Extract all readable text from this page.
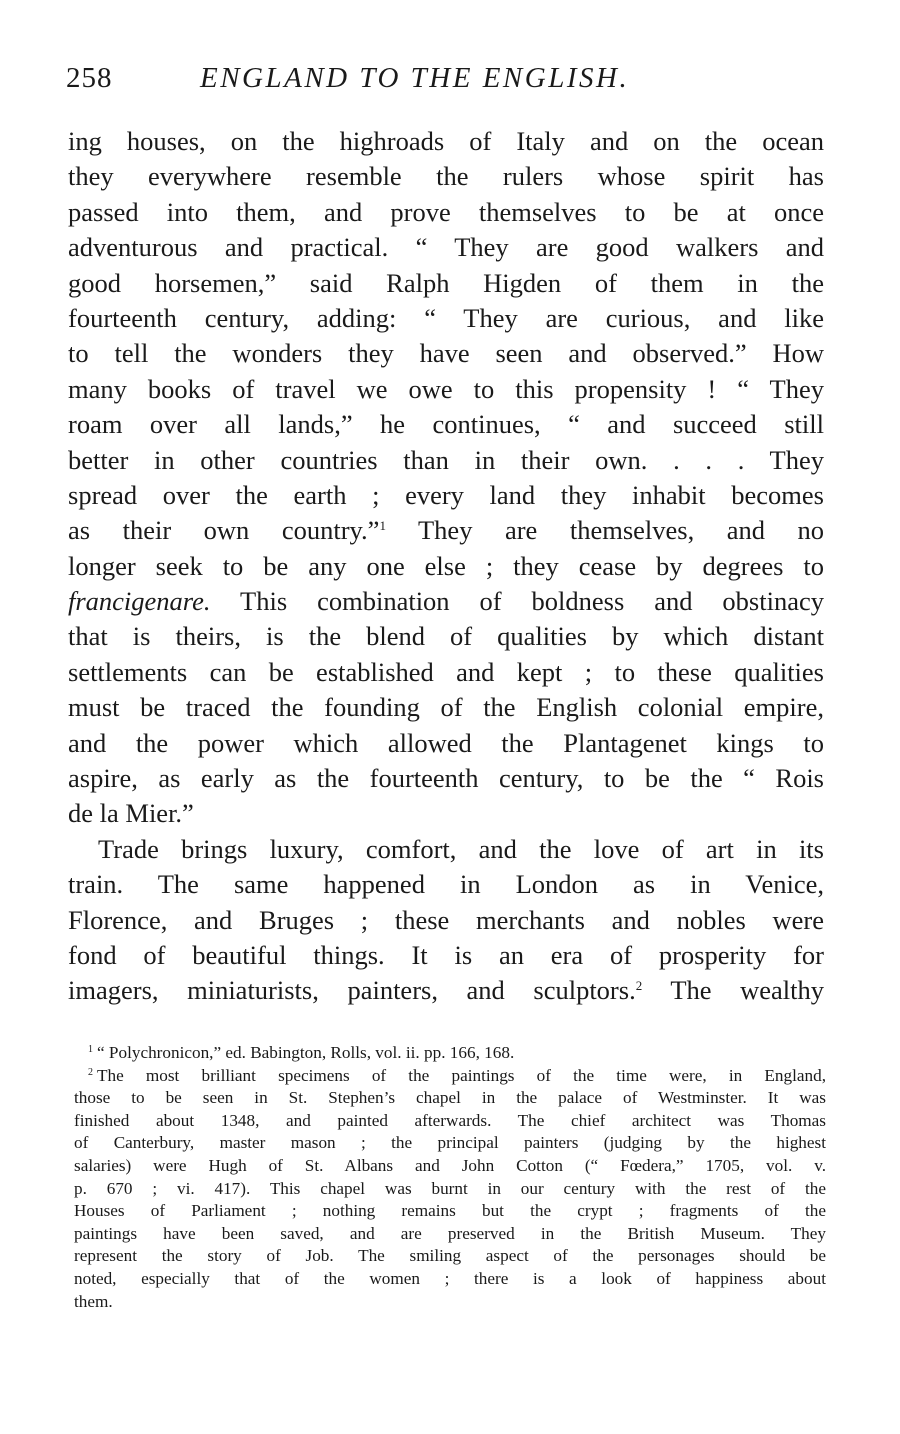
258	ENGLAND TO THE ENGLISH.
ing houses, on the highroads of Italy and on the ocean
they everywhere resemble the rulers whose spirit has
passed into them, and prove themselves to be at once
adventurous and practical. “ They are good walkers and
good horsemen,” said Ralph Higden of them in the
fourteenth century, adding: “ They are curious, and like
to tell the wonders they have seen and observed.” How
many books of travel we owe to this propensity ! “ They
roam over all lands,” he continues, “ and succeed still
better in other countries than in their own. . . . They
spread over the earth ; every land they inhabit becomes
as their own country.”$^1$ They are themselves, and no
longer seek to be any one else ; they cease by degrees to
francigenare. This combination of boldness and obstinacy
that is theirs, is the blend of qualities by which distant
settlements can be established and kept ; to these qualities
must be traced the founding of the English colonial empire,
and the power which allowed the Plantagenet kings to
aspire, as early as the fourteenth century, to be the “ Rois
de la Mier.”
Trade brings luxury, comfort, and the love of art in its
train. The same happened in London as in Venice,
Florence, and Bruges ; these merchants and nobles were
fond of beautiful things. It is an era of prosperity for
imagers, miniaturists, painters, and sculptors.$^2$ The wealthy
$^1$ “ Polychronicon,” ed. Babington, Rolls, vol. ii. pp. 166, 168.
$^2$ The most brilliant specimens of the paintings of the time were, in England,
those to be seen in St. Stephen’s chapel in the palace of Westminster. It was
finished about 1348, and painted afterwards. The chief architect was Thomas
of Canterbury, master mason ; the principal painters (judging by the highest
salaries) were Hugh of St. Albans and John Cotton (“ Fœdera,” 1705, vol. v.
p. 670 ; vi. 417). This chapel was burnt in our century with the rest of the
Houses of Parliament ; nothing remains but the crypt ; fragments of the
paintings have been saved, and are preserved in the British Museum. They
represent the story of Job. The smiling aspect of the personages should be
noted, especially that of the women ; there is a look of happiness about
them.
